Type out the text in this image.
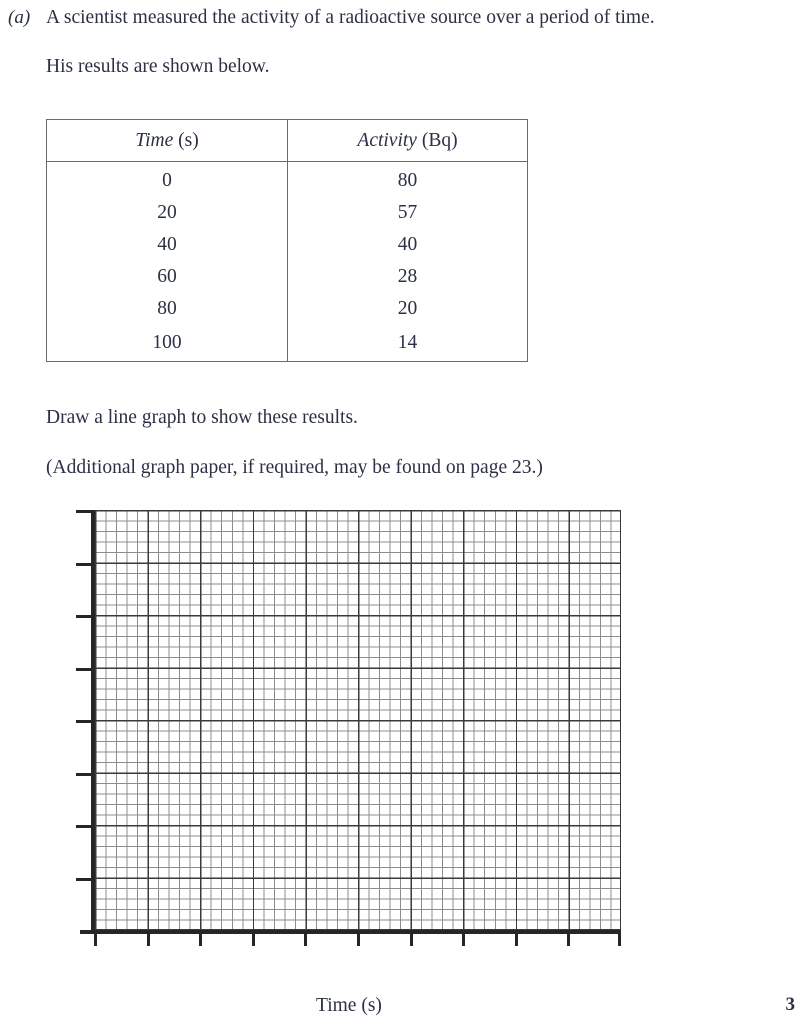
(a) A scientist measured the activity of a radioactive source over a period of time.

His results are shown below.

Time (s)	Activity (Bq)
0	80
20	57
40	40
60	28
80	20
100	14

Draw a line graph to show these results.

(Additional graph paper, if required, may be found on page 23.)

Time (s)	3
